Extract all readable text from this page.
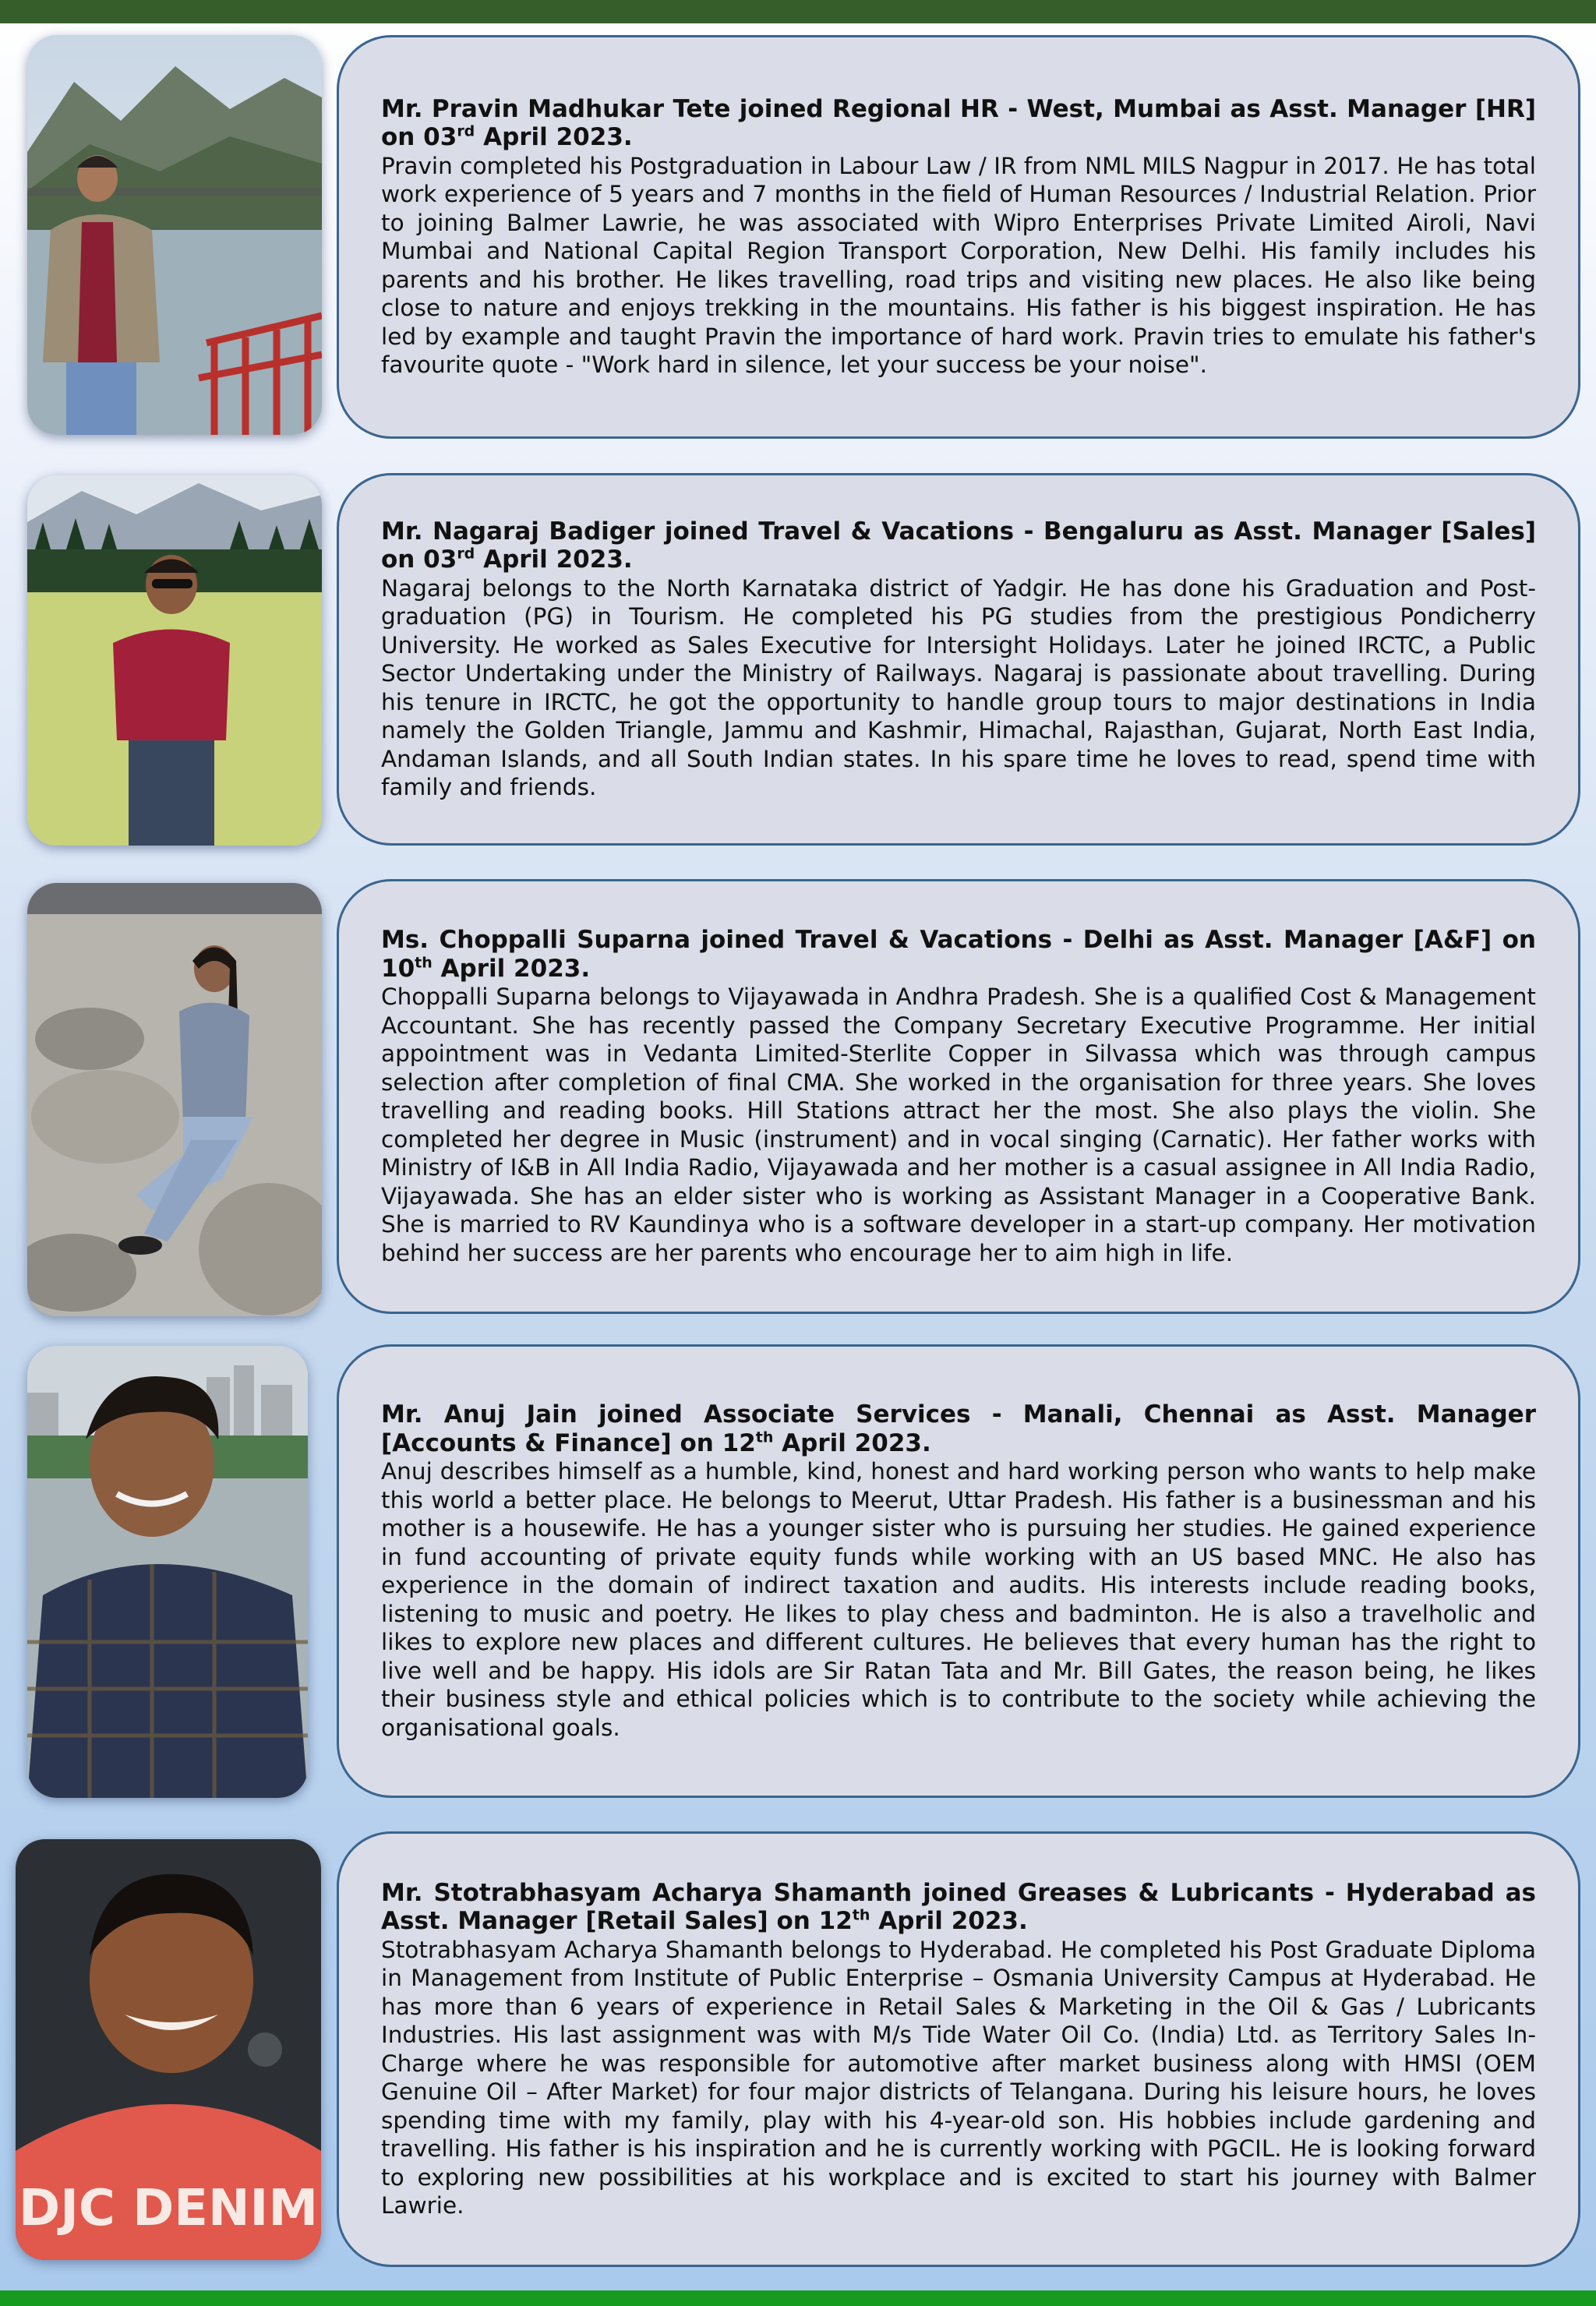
Mr. Pravin Madhukar Tete joined Regional HR - West, Mumbai as Asst. Manager [HR] on 03rd April 2023.

Pravin completed his Postgraduation in Labour Law / IR from NML MILS Nagpur in 2017. He has total work experience of 5 years and 7 months in the field of Human Resources / Industrial Relation. Prior to joining Balmer Lawrie, he was associated with Wipro Enterprises Private Limited Airoli, Navi Mumbai and National Capital Region Transport Corporation, New Delhi. His family includes his parents and his brother. He likes travelling, road trips and visiting new places. He also like being close to nature and enjoys trekking in the mountains. His father is his biggest inspiration. He has led by example and taught Pravin the importance of hard work. Pravin tries to emulate his father's favourite quote - "Work hard in silence, let your success be your noise".

Mr. Nagaraj Badiger joined Travel & Vacations - Bengaluru as Asst. Manager [Sales] on 03rd April 2023.

Nagaraj belongs to the North Karnataka district of Yadgir. He has done his Graduation and Post-graduation (PG) in Tourism. He completed his PG studies from the prestigious Pondicherry University. He worked as Sales Executive for Intersight Holidays. Later he joined IRCTC, a Public Sector Undertaking under the Ministry of Railways. Nagaraj is passionate about travelling. During his tenure in IRCTC, he got the opportunity to handle group tours to major destinations in India namely the Golden Triangle, Jammu and Kashmir, Himachal, Rajasthan, Gujarat, North East India, Andaman Islands, and all South Indian states. In his spare time he loves to read, spend time with family and friends.

Ms. Choppalli Suparna joined Travel & Vacations - Delhi as Asst. Manager [A&F] on 10th April 2023.

Choppalli Suparna belongs to Vijayawada in Andhra Pradesh. She is a qualified Cost & Management Accountant. She has recently passed the Company Secretary Executive Programme. Her initial appointment was in Vedanta Limited-Sterlite Copper in Silvassa which was through campus selection after completion of final CMA. She worked in the organisation for three years. She loves travelling and reading books. Hill Stations attract her the most. She also plays the violin. She completed her degree in Music (instrument) and in vocal singing (Carnatic). Her father works with Ministry of I&B in All India Radio, Vijayawada and her mother is a casual assignee in All India Radio, Vijayawada. She has an elder sister who is working as Assistant Manager in a Cooperative Bank. She is married to RV Kaundinya who is a software developer in a start-up company. Her motivation behind her success are her parents who encourage her to aim high in life.

Mr. Anuj Jain joined Associate Services - Manali, Chennai as Asst. Manager [Accounts & Finance] on 12th April 2023.

Anuj describes himself as a humble, kind, honest and hard working person who wants to help make this world a better place. He belongs to Meerut, Uttar Pradesh. His father is a businessman and his mother is a housewife. He has a younger sister who is pursuing her studies. He gained experience in fund accounting of private equity funds while working with an US based MNC. He also has experience in the domain of indirect taxation and audits. His interests include reading books, listening to music and poetry. He likes to play chess and badminton. He is also a travelholic and likes to explore new places and different cultures. He believes that every human has the right to live well and be happy. His idols are Sir Ratan Tata and Mr. Bill Gates, the reason being, he likes their business style and ethical policies which is to contribute to the society while achieving the organisational goals.

DJC DENIM

Mr. Stotrabhasyam Acharya Shamanth joined Greases & Lubricants - Hyderabad as Asst. Manager [Retail Sales] on 12th April 2023.

Stotrabhasyam Acharya Shamanth belongs to Hyderabad. He completed his Post Graduate Diploma in Management from Institute of Public Enterprise – Osmania University Campus at Hyderabad. He has more than 6 years of experience in Retail Sales & Marketing in the Oil & Gas / Lubricants Industries. His last assignment was with M/s Tide Water Oil Co. (India) Ltd. as Territory Sales In-Charge where he was responsible for automotive after market business along with HMSI (OEM Genuine Oil – After Market) for four major districts of Telangana. During his leisure hours, he loves spending time with my family, play with his 4-year-old son. His hobbies include gardening and travelling. His father is his inspiration and he is currently working with PGCIL. He is looking forward to exploring new possibilities at his workplace and is excited to start his journey with Balmer Lawrie.
